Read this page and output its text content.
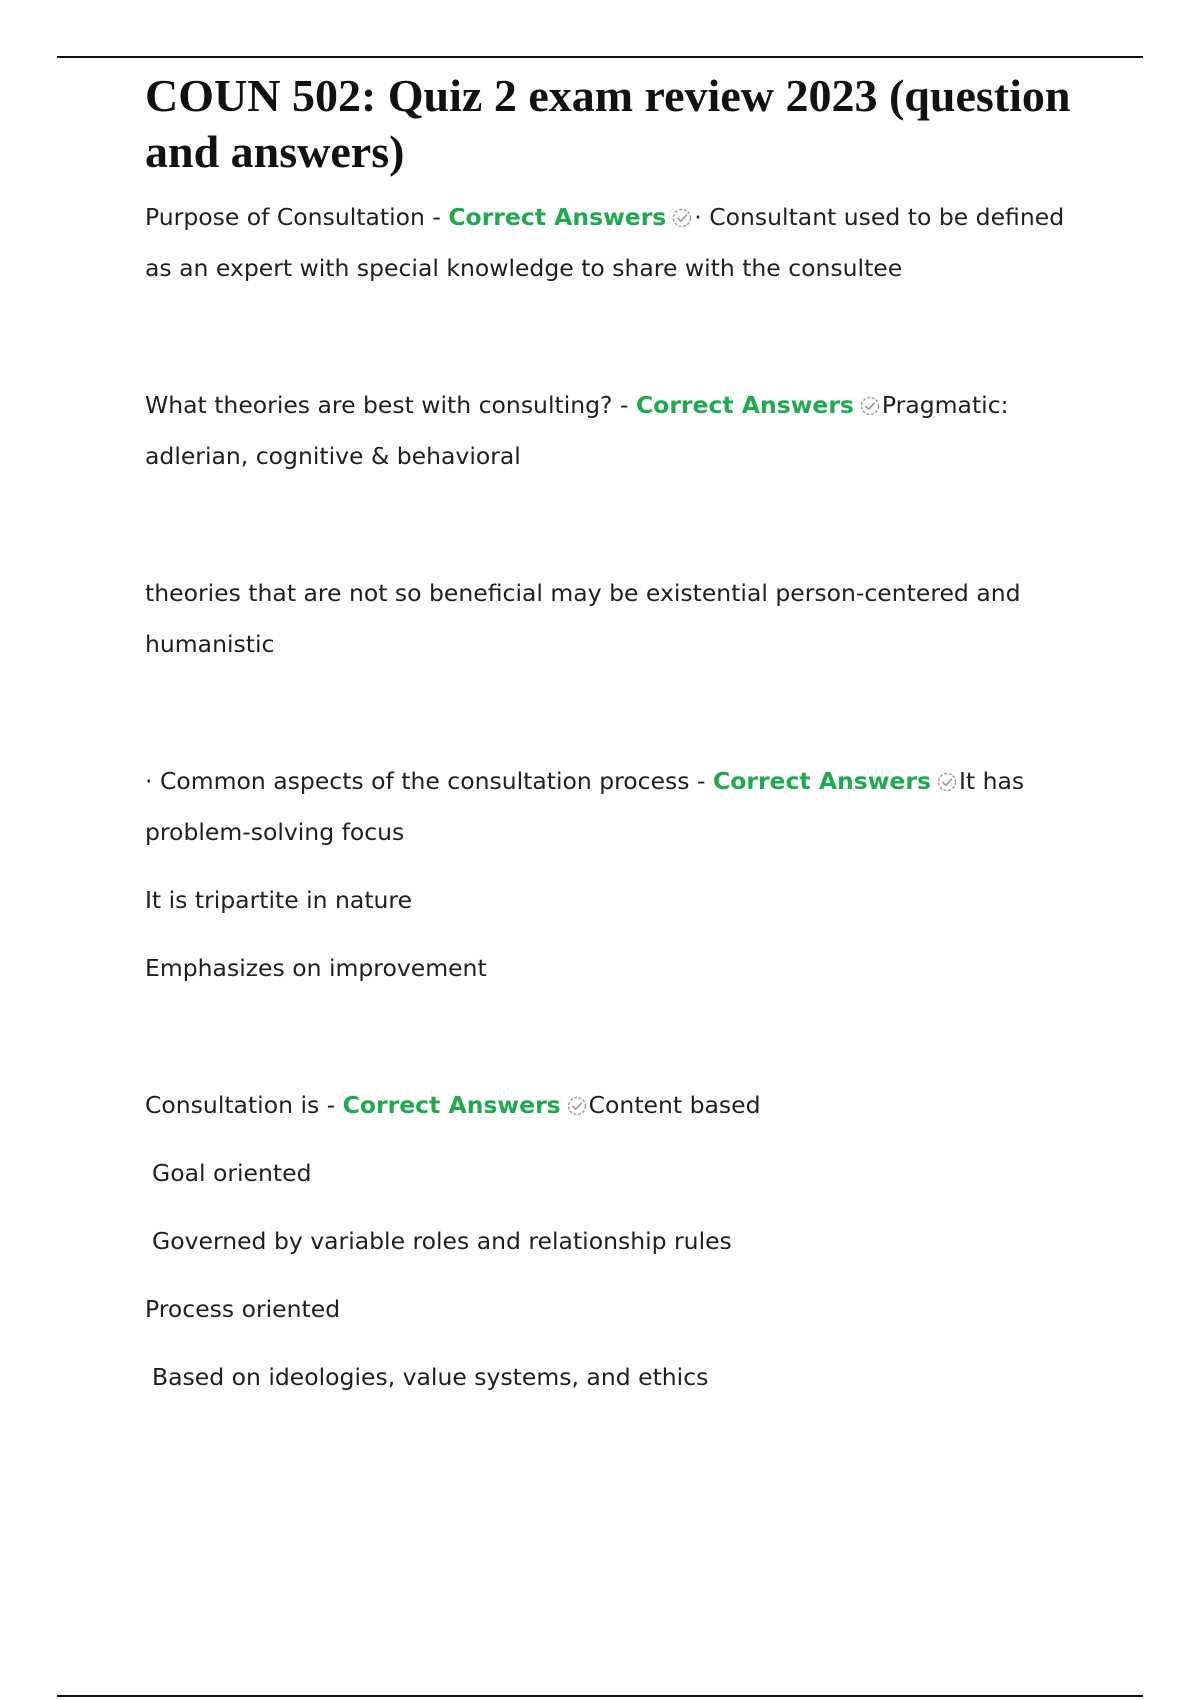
COUN 502: Quiz 2 exam review 2023 (question and answers)

Purpose of Consultation - Correct Answers · Consultant used to be defined as an expert with special knowledge to share with the consultee

What theories are best with consulting? - Correct Answers Pragmatic: adlerian, cognitive & behavioral

theories that are not so beneficial may be existential person-centered and humanistic

· Common aspects of the consultation process - Correct Answers It has problem-solving focus

It is tripartite in nature

Emphasizes on improvement

Consultation is - Correct Answers Content based

Goal oriented

Governed by variable roles and relationship rules

Process oriented

Based on ideologies, value systems, and ethics
